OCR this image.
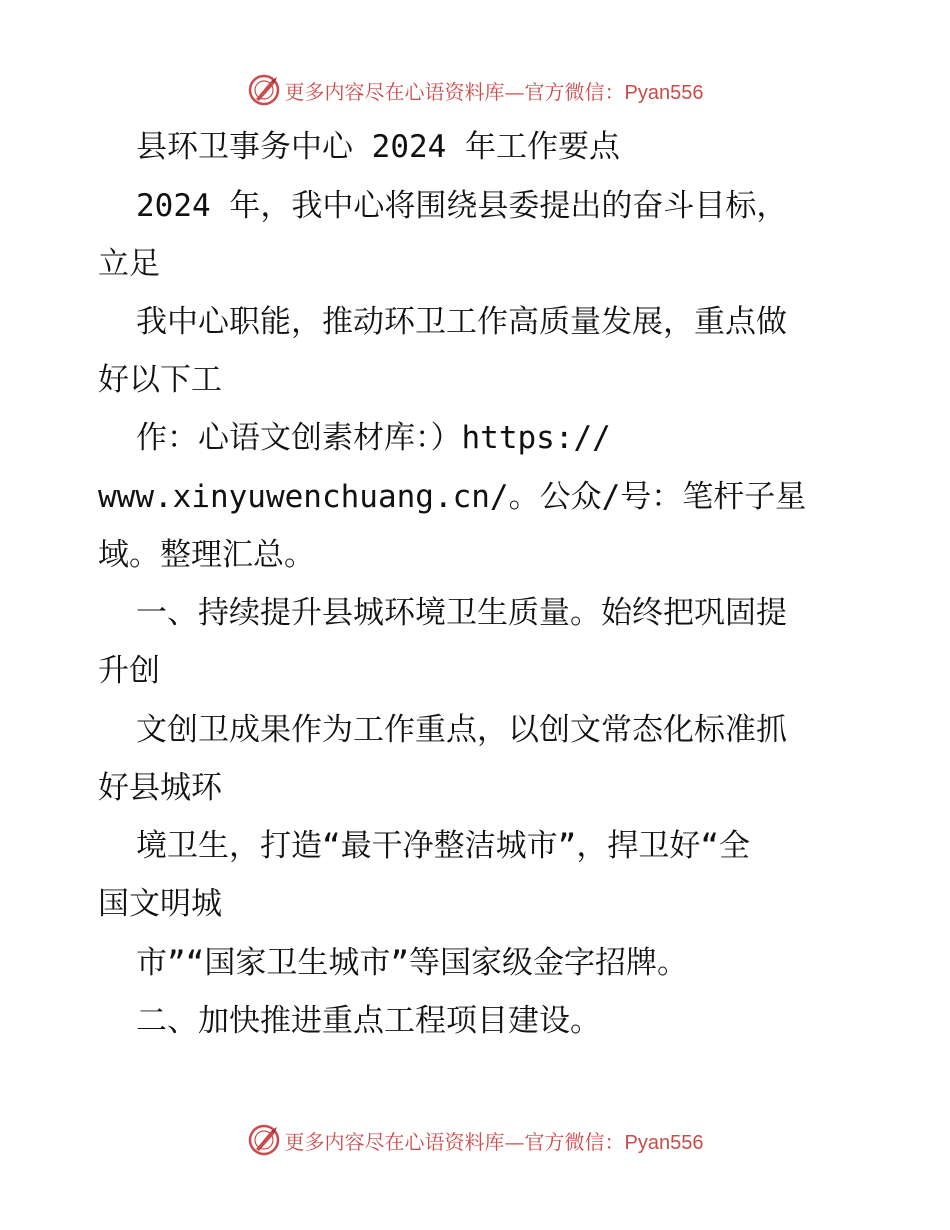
更多内容尽在心语资料库—官方微信：Pyan556
县环卫事务中心 2024 年工作要点
2024 年，我中心将围绕县委提出的奋斗目标，
立足
我中心职能，推动环卫工作高质量发展，重点做
好以下工
作：心语文创素材库：）https://
www.xinyuwenchuang.cn/。公众/号：笔杆子星
域。整理汇总。
一、持续提升县城环境卫生质量。始终把巩固提
升创
文创卫成果作为工作重点，以创文常态化标准抓
好县城环
境卫生，打造“最干净整洁城市”，捍卫好“全
国文明城
市”“国家卫生城市”等国家级金字招牌。
二、加快推进重点工程项目建设。
更多内容尽在心语资料库—官方微信：Pyan556
